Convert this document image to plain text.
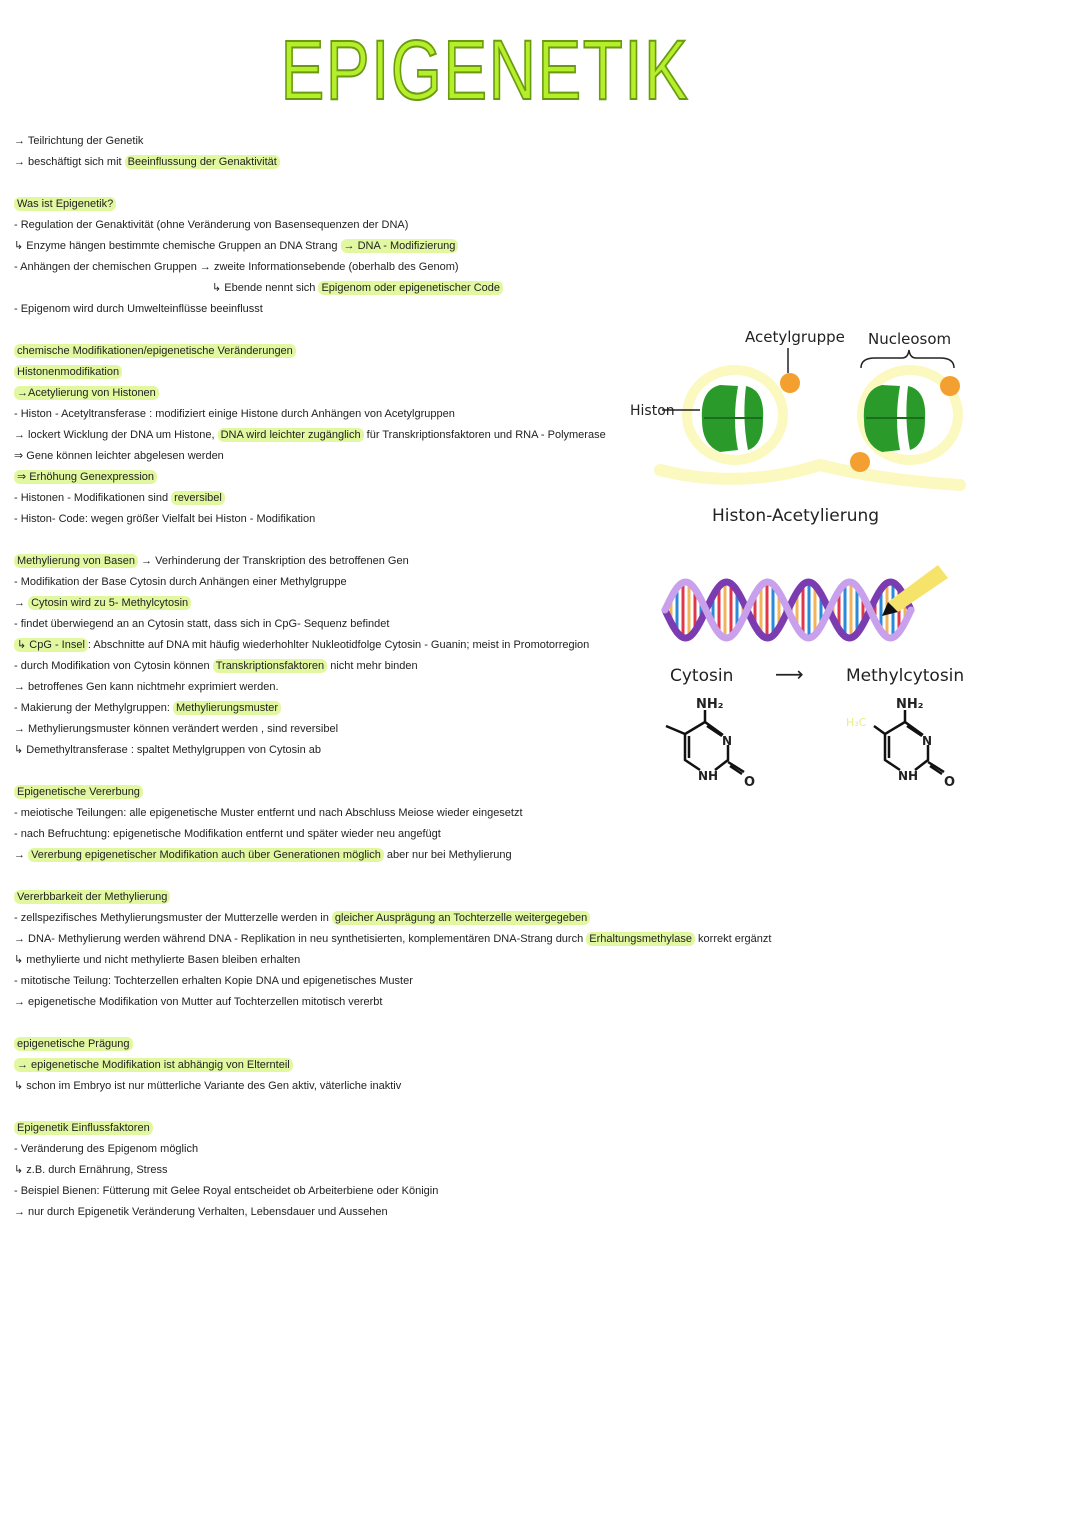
EPIGENETIK
→ Teilrichtung der Genetik
→ beschäftigt sich mit Beeinflussung der Genaktivität
Was ist Epigenetik?
- Regulation der Genaktivität (ohne Veränderung von Basensequenzen der DNA)
↳ Enzyme hängen bestimmte chemische Gruppen an DNA Strang → DNA - Modifizierung
- Anhängen der chemischen Gruppen → zweite Informationsebende (oberhalb des Genom)
↳ Ebende nennt sich Epigenom oder epigenetischer Code
- Epigenom wird durch Umwelteinflüsse beeinflusst
chemische Modifikationen/epigenetische Veränderungen
Histonenmodifikation
→Acetylierung von Histonen
- Histon - Acetyltransferase : modifiziert einige Histone durch Anhängen von Acetylgruppen
→ lockert Wicklung der DNA um Histone, DNA wird leichter zugänglich für Transkriptionsfaktoren und RNA - Polymerase
⇒ Gene können leichter abgelesen werden
⇒ Erhöhung Genexpression
- Histonen - Modifikationen sind reversibel
- Histon- Code: wegen größer Vielfalt bei Histon - Modifikation
Methylierung von Basen → Verhinderung der Transkription des betroffenen Gen
- Modifikation der Base Cytosin durch Anhängen einer Methylgruppe
→ Cytosin wird zu 5- Methylcytosin
- findet überwiegend an an Cytosin statt, dass sich in CpG- Sequenz befindet
↳ CpG - Insel : Abschnitte auf DNA mit häufig wiederhohlter Nukleotidfolge Cytosin - Guanin; meist in Promotorregion
- durch Modifikation von Cytosin können Transkriptionsfaktoren nicht mehr binden
→ betroffenes Gen kann nichtmehr exprimiert werden.
- Makierung der Methylgruppen: Methylierungsmuster
→ Methylierungsmuster können verändert werden , sind reversibel
↳ Demethyltransferase : spaltet Methylgruppen von Cytosin ab
Epigenetische Vererbung
- meiotische Teilungen: alle epigenetische Muster entfernt und nach Abschluss Meiose wieder eingesetzt
- nach Befruchtung: epigenetische Modifikation entfernt und später wieder neu angefügt
→ Vererbung epigenetischer Modifikation auch über Generationen möglich aber nur bei Methylierung
Vererbbarkeit der Methylierung
- zellspezifisches Methylierungsmuster der Mutterzelle werden in gleicher Ausprägung an Tochterzelle weitergegeben
→ DNA- Methylierung werden während DNA - Replikation in neu synthetisierten, komplementären DNA-Strang durch Erhaltungsmethylase korrekt ergänzt
↳ methylierte und nicht methylierte Basen bleiben erhalten
- mitotische Teilung: Tochterzellen erhalten Kopie DNA und epigenetisches Muster
→ epigenetische Modifikation von Mutter auf Tochterzellen mitotisch vererbt
epigenetische Prägung
→ epigenetische Modifikation ist abhängig von Elternteil
↳ schon im Embryo ist nur mütterliche Variante des Gen aktiv, väterliche inaktiv
Epigenetik Einflussfaktoren
- Veränderung des Epigenom möglich
↳ z.B. durch Ernährung, Stress
- Beispiel Bienen: Fütterung mit Gelee Royal entscheidet ob Arbeiterbiene oder Königin
→ nur durch Epigenetik Veränderung Verhalten, Lebensdauer und Aussehen
Acetylgruppe Nucleosom
Histon
Histon-Acetylierung
Cytosin ⟶ Methylcytosin
NH₂
N
NH O
NH₂
N
NH O
H₃C
